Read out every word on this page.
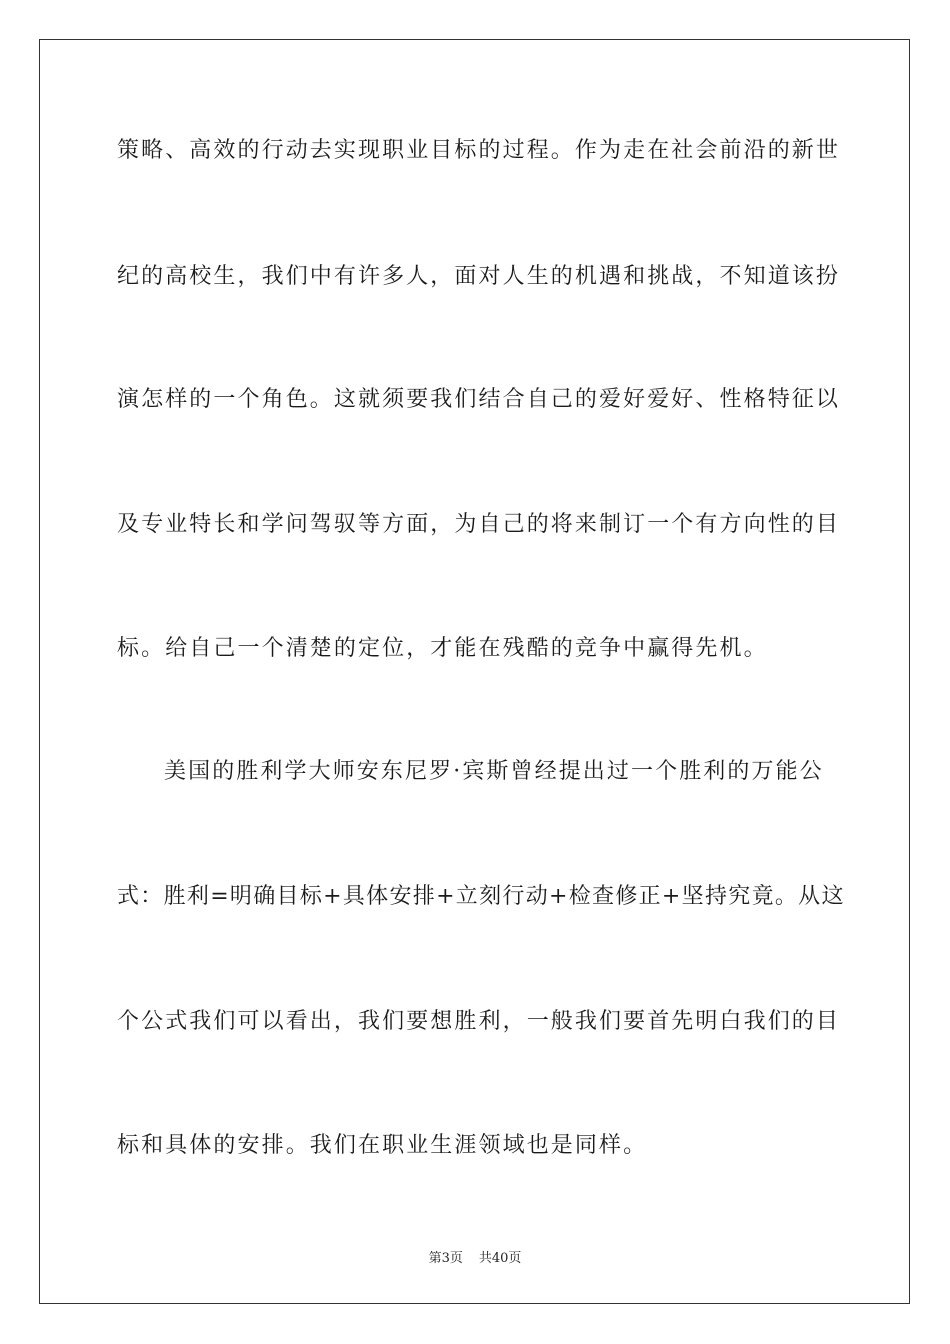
策略、高效的行动去实现职业目标的过程。作为走在社会前沿的新世
纪的高校生，我们中有许多人，面对人生的机遇和挑战，不知道该扮
演怎样的一个角色。这就须要我们结合自己的爱好爱好、性格特征以
及专业特长和学问驾驭等方面，为自己的将来制订一个有方向性的目
标。给自己一个清楚的定位，才能在残酷的竞争中赢得先机。
美国的胜利学大师安东尼罗·宾斯曾经提出过一个胜利的万能公
式：胜利=明确目标+具体安排+立刻行动+检查修正+坚持究竟。从这
个公式我们可以看出，我们要想胜利，一般我们要首先明白我们的目
标和具体的安排。我们在职业生涯领域也是同样。
第3页 共40页
